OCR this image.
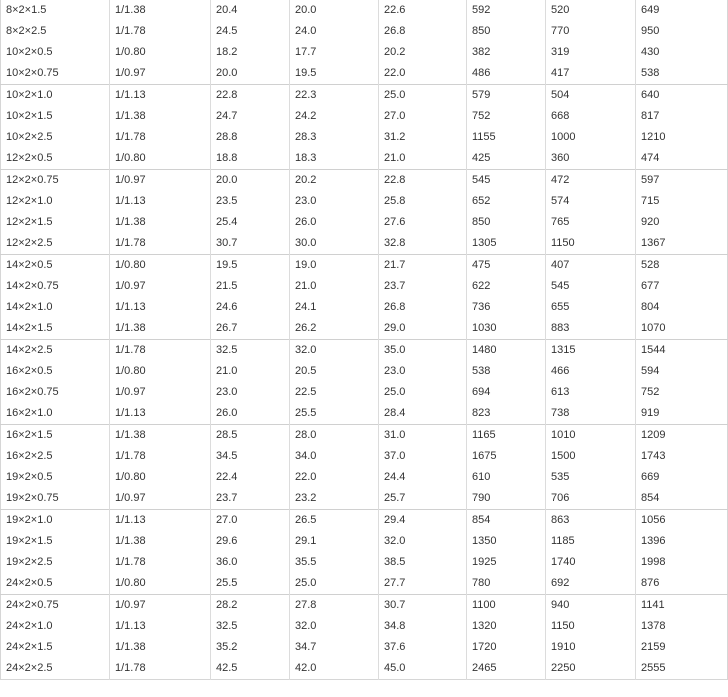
8×2×1.5	1/1.38	20.4	20.0	22.6	592	520	649
8×2×2.5	1/1.78	24.5	24.0	26.8	850	770	950
10×2×0.5	1/0.80	18.2	17.7	20.2	382	319	430
10×2×0.75	1/0.97	20.0	19.5	22.0	486	417	538
10×2×1.0	1/1.13	22.8	22.3	25.0	579	504	640
10×2×1.5	1/1.38	24.7	24.2	27.0	752	668	817
10×2×2.5	1/1.78	28.8	28.3	31.2	1155	1000	1210
12×2×0.5	1/0.80	18.8	18.3	21.0	425	360	474
12×2×0.75	1/0.97	20.0	20.2	22.8	545	472	597
12×2×1.0	1/1.13	23.5	23.0	25.8	652	574	715
12×2×1.5	1/1.38	25.4	26.0	27.6	850	765	920
12×2×2.5	1/1.78	30.7	30.0	32.8	1305	1150	1367
14×2×0.5	1/0.80	19.5	19.0	21.7	475	407	528
14×2×0.75	1/0.97	21.5	21.0	23.7	622	545	677
14×2×1.0	1/1.13	24.6	24.1	26.8	736	655	804
14×2×1.5	1/1.38	26.7	26.2	29.0	1030	883	1070
14×2×2.5	1/1.78	32.5	32.0	35.0	1480	1315	1544
16×2×0.5	1/0.80	21.0	20.5	23.0	538	466	594
16×2×0.75	1/0.97	23.0	22.5	25.0	694	613	752
16×2×1.0	1/1.13	26.0	25.5	28.4	823	738	919
16×2×1.5	1/1.38	28.5	28.0	31.0	1165	1010	1209
16×2×2.5	1/1.78	34.5	34.0	37.0	1675	1500	1743
19×2×0.5	1/0.80	22.4	22.0	24.4	610	535	669
19×2×0.75	1/0.97	23.7	23.2	25.7	790	706	854
19×2×1.0	1/1.13	27.0	26.5	29.4	854	863	1056
19×2×1.5	1/1.38	29.6	29.1	32.0	1350	1185	1396
19×2×2.5	1/1.78	36.0	35.5	38.5	1925	1740	1998
24×2×0.5	1/0.80	25.5	25.0	27.7	780	692	876
24×2×0.75	1/0.97	28.2	27.8	30.7	1100	940	1141
24×2×1.0	1/1.13	32.5	32.0	34.8	1320	1150	1378
24×2×1.5	1/1.38	35.2	34.7	37.6	1720	1910	2159
24×2×2.5	1/1.78	42.5	42.0	45.0	2465	2250	2555
